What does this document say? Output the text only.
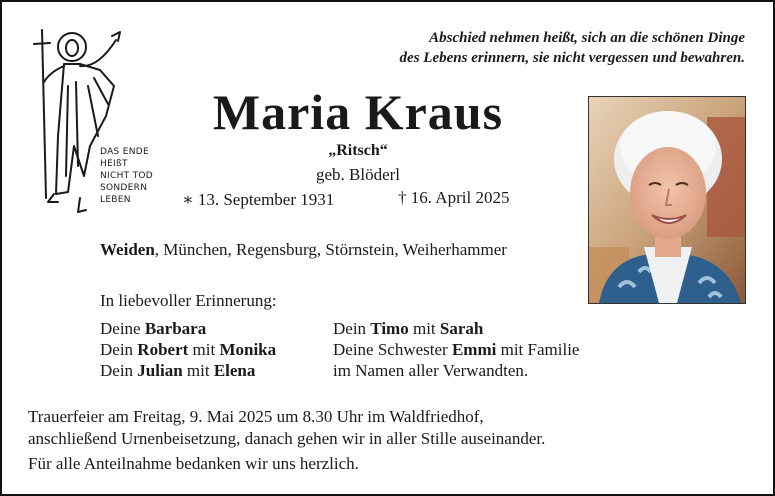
DAS ENDE
HEIßT
NICHT TOD
SONDERN
LEBEN
Abschied nehmen heißt, sich an die schönen Dinge
des Lebens erinnern, sie nicht vergessen und bewahren.
Maria Kraus
„Ritsch“
geb. Blöderl
∗ 13. September 1931	† 16. April 2025
Weiden, München, Regensburg, Störnstein, Weiherhammer
In liebevoller Erinnerung:
Deine Barbara
Dein Robert mit Monika
Dein Julian mit Elena
Dein Timo mit Sarah
Deine Schwester Emmi mit Familie
im Namen aller Verwandten.
Trauerfeier am Freitag, 9. Mai 2025 um 8.30 Uhr im Waldfriedhof,
anschließend Urnenbeisetzung, danach gehen wir in aller Stille auseinander.
Für alle Anteilnahme bedanken wir uns herzlich.
